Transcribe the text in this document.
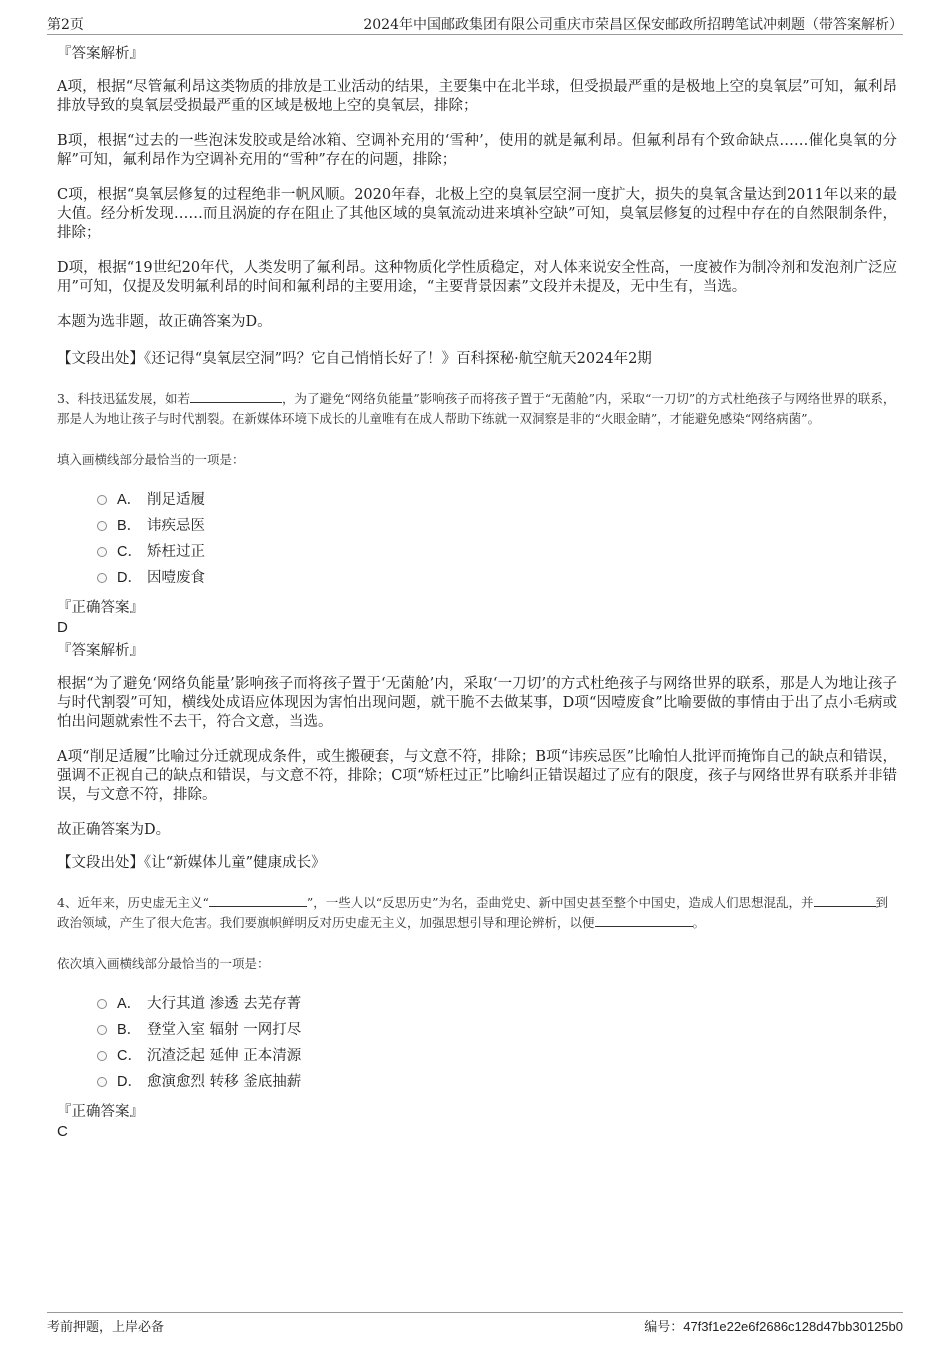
第2页	2024年中国邮政集团有限公司重庆市荣昌区保安邮政所招聘笔试冲刺题（带答案解析）

『答案解析』

A项，根据“尽管氟利昂这类物质的排放是工业活动的结果，主要集中在北半球，但受损最严重的是极地上空的臭氧层”可知，氟利昂排放导致的臭氧层受损最严重的区域是极地上空的臭氧层，排除；

B项，根据“过去的一些泡沫发胶或是给冰箱、空调补充用的‘雪种’，使用的就是氟利昂。但氟利昂有个致命缺点……催化臭氧的分解”可知，氟利昂作为空调补充用的“雪种”存在的问题，排除；

C项，根据“臭氧层修复的过程绝非一帆风顺。2020年春，北极上空的臭氧层空洞一度扩大，损失的臭氧含量达到2011年以来的最大值。经分析发现……而且涡旋的存在阻止了其他区域的臭氧流动进来填补空缺”可知，臭氧层修复的过程中存在的自然限制条件，排除；

D项，根据“19世纪20年代，人类发明了氟利昂。这种物质化学性质稳定，对人体来说安全性高，一度被作为制冷剂和发泡剂广泛应用”可知，仅提及发明氟利昂的时间和氟利昂的主要用途，“主要背景因素”文段并未提及，无中生有，当选。

本题为选非题，故正确答案为D。

【文段出处】《还记得“臭氧层空洞”吗？它自己悄悄长好了！》百科探秘·航空航天2024年2期

3、科技迅猛发展，如若	，为了避免“网络负能量”影响孩子而将孩子置于“无菌舱”内，采取“一刀切”的方式杜绝孩子与网络世界的联系，那是人为地让孩子与时代割裂。在新媒体环境下成长的儿童唯有在成人帮助下练就一双洞察是非的“火眼金睛”，才能避免感染“网络病菌”。

填入画横线部分最恰当的一项是：

A． 削足适履
B． 讳疾忌医
C． 矫枉过正
D． 因噎废食

『正确答案』

D

『答案解析』

根据“为了避免‘网络负能量’影响孩子而将孩子置于‘无菌舱’内，采取‘一刀切’的方式杜绝孩子与网络世界的联系，那是人为地让孩子与时代割裂”可知，横线处成语应体现因为害怕出现问题，就干脆不去做某事，D项“因噎废食”比喻要做的事情由于出了点小毛病或怕出问题就索性不去干，符合文意，当选。

A项“削足适履”比喻过分迁就现成条件，或生搬硬套，与文意不符，排除；B项“讳疾忌医”比喻怕人批评而掩饰自己的缺点和错误，强调不正视自己的缺点和错误，与文意不符，排除；C项“矫枉过正”比喻纠正错误超过了应有的限度，孩子与网络世界有联系并非错误，与文意不符，排除。

故正确答案为D。

【文段出处】《让“新媒体儿童”健康成长》

4、近年来，历史虚无主义“	”，一些人以“反思历史”为名，歪曲党史、新中国史甚至整个中国史，造成人们思想混乱，并	到政治领域，产生了很大危害。我们要旗帜鲜明反对历史虚无主义，加强思想引导和理论辨析，以便	。

依次填入画横线部分最恰当的一项是：

A． 大行其道 渗透 去芜存菁
B． 登堂入室 辐射 一网打尽
C． 沉渣泛起 延伸 正本清源
D． 愈演愈烈 转移 釜底抽薪

『正确答案』

C

考前押题，上岸必备	编号：47f3f1e22e6f2686c128d47bb30125b0
